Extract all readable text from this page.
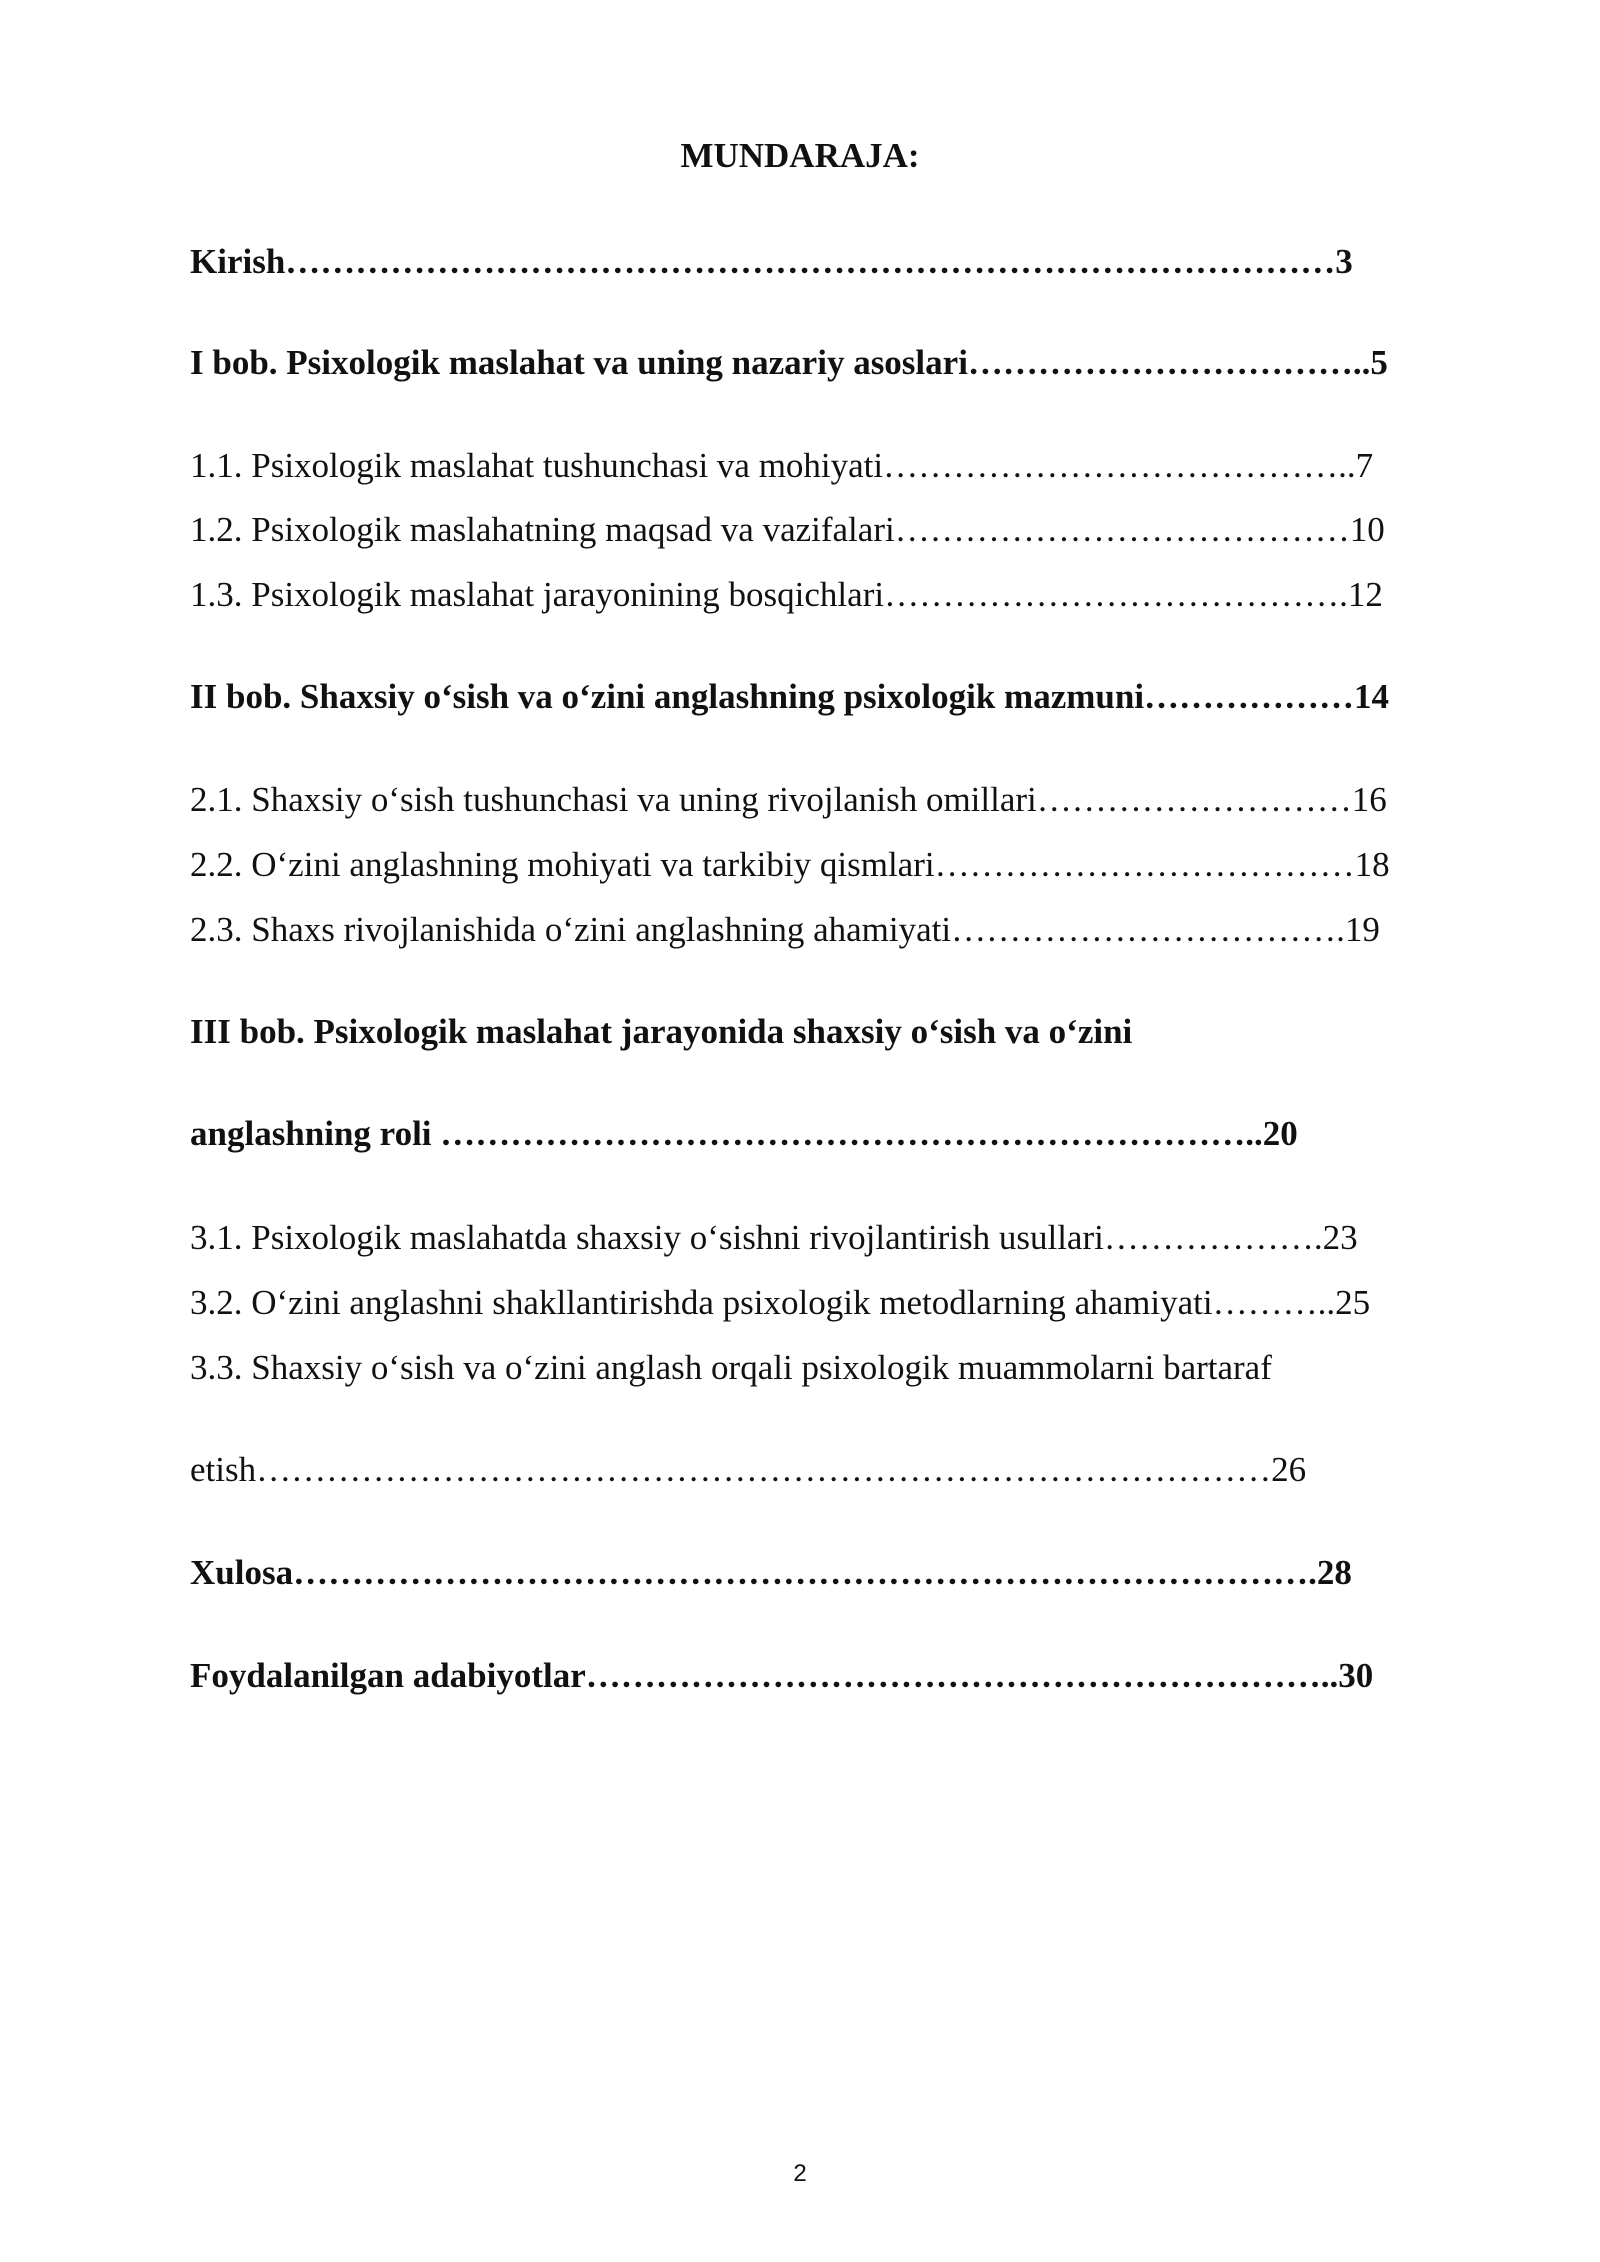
MUNDARAJA:
Kirish………………………………………………………………………………3
I bob. Psixologik maslahat va uning nazariy asoslari……………………………..5
1.1. Psixologik maslahat tushunchasi va mohiyati…………………………………..7
1.2. Psixologik maslahatning maqsad va vazifalari…………………………………10
1.3. Psixologik maslahat jarayonining bosqichlari………………………………….12
II bob. Shaxsiy o‘sish va o‘zini anglashning psixologik mazmuni………………14
2.1. Shaxsiy o‘sish tushunchasi va uning rivojlanish omillari………………………16
2.2. O‘zini anglashning mohiyati va tarkibiy qismlari………………………………18
2.3. Shaxs rivojlanishida o‘zini anglashning ahamiyati…………………………….19
III bob. Psixologik maslahat jarayonida shaxsiy o‘sish va o‘zini
anglashning roli ……………………………………………………………..20
3.1. Psixologik maslahatda shaxsiy o‘sishni rivojlantirish usullari……………….23
3.2. O‘zini anglashni shakllantirishda psixologik metodlarning ahamiyati………..25
3.3. Shaxsiy o‘sish va o‘zini anglash orqali psixologik muammolarni bartaraf
etish……………………………………………………………………………26
Xulosa…………………………………………………………………………….28
Foydalanilgan adabiyotlar………………………………………………………..30
2
